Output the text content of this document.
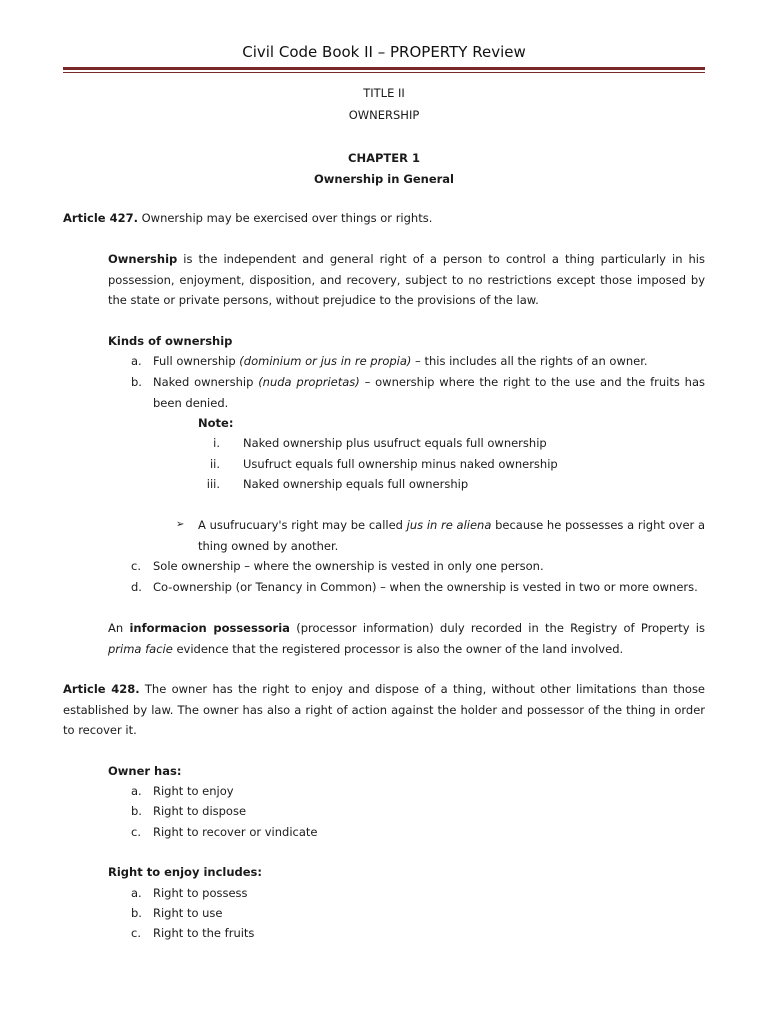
Civil Code Book II – PROPERTY Review
TITLE II
OWNERSHIP
CHAPTER 1
Ownership in General
Article 427. Ownership may be exercised over things or rights.
Ownership is the independent and general right of a person to control a thing particularly in his possession, enjoyment, disposition, and recovery, subject to no restrictions except those imposed by the state or private persons, without prejudice to the provisions of the law.
Kinds of ownership
a. Full ownership (dominium or jus in re propia) – this includes all the rights of an owner.
b. Naked ownership (nuda proprietas) – ownership where the right to the use and the fruits has been denied.
Note:
i. Naked ownership plus usufruct equals full ownership
ii. Usufruct equals full ownership minus naked ownership
iii. Naked ownership equals full ownership
➢ A usufrucuary's right may be called jus in re aliena because he possesses a right over a thing owned by another.
c. Sole ownership – where the ownership is vested in only one person.
d. Co-ownership (or Tenancy in Common) – when the ownership is vested in two or more owners.
An informacion possessoria (processor information) duly recorded in the Registry of Property is prima facie evidence that the registered processor is also the owner of the land involved.
Article 428. The owner has the right to enjoy and dispose of a thing, without other limitations than those established by law. The owner has also a right of action against the holder and possessor of the thing in order to recover it.
Owner has:
a. Right to enjoy
b. Right to dispose
c. Right to recover or vindicate
Right to enjoy includes:
a. Right to possess
b. Right to use
c. Right to the fruits
